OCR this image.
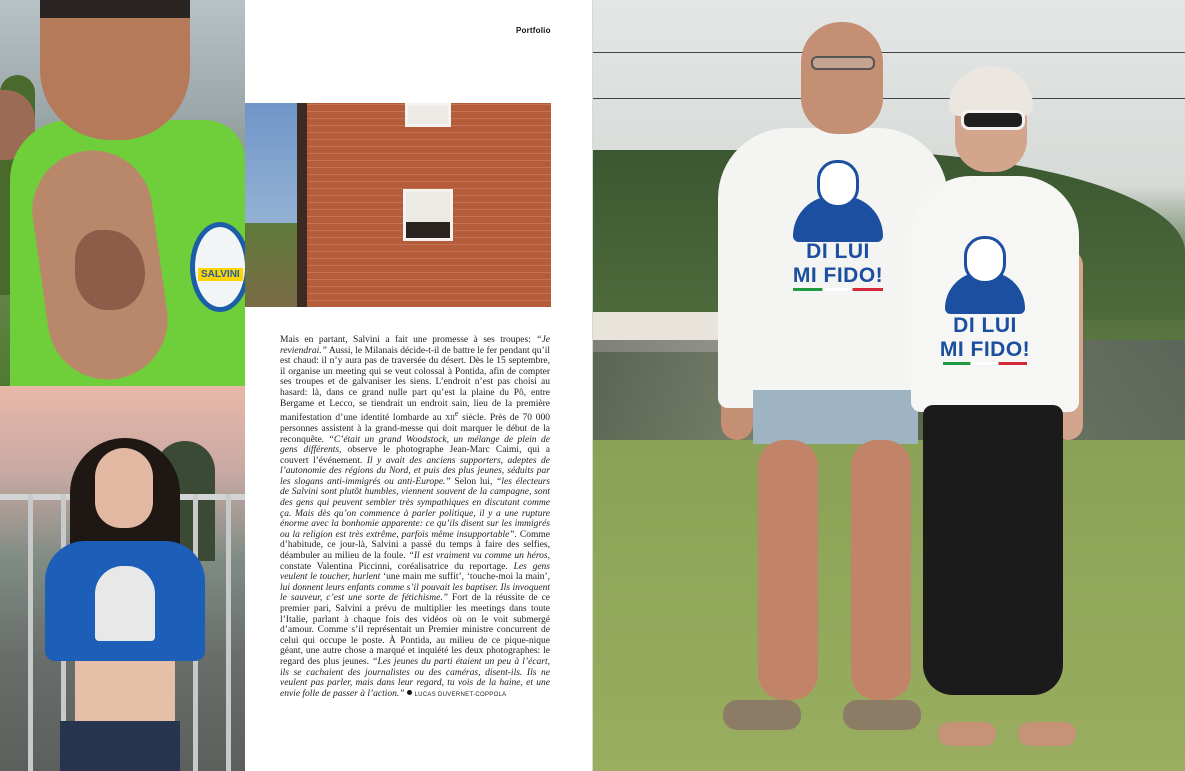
SALVINI
Portfolio

Mais en partant, Salvini a fait une promesse à ses troupes: “Je reviendrai.” Aussi, le Milanais décide-t-il de battre le fer pendant qu’il est chaud: il n’y aura pas de traversée du désert. Dès le 15 septembre, il organise un meeting qui se veut colossal à Pontida, afin de compter ses troupes et de galvaniser les siens. L’endroit n’est pas choisi au hasard: là, dans ce grand nulle part qu’est la plaine du Pô, entre Bergame et Lecco, se tiendrait un endroit sain, lieu de la première manifestation d’une identité lombarde au xii$^e$ siècle. Près de 70 000 personnes assistent à la grand-messe qui doit marquer le début de la reconquête. “C’était un grand Woodstock, un mélange de plein de gens différents, observe le photographe Jean-Marc Caimi, qui a couvert l’événement. Il y avait des anciens supporters, adeptes de l’autonomie des régions du Nord, et puis des plus jeunes, séduits par les slogans anti-immigrés ou anti-Europe.” Selon lui, “les électeurs de Salvini sont plutôt humbles, viennent souvent de la campagne, sont des gens qui peuvent sembler très sympathiques en discutant comme ça. Mais dès qu’on commence à parler politique, il y a une rupture énorme avec la bonhomie apparente: ce qu’ils disent sur les immigrés ou la religion est très extrême, parfois même insupportable”. Comme d’habitude, ce jour-là, Salvini a passé du temps à faire des selfies, déambuler au milieu de la foule. “Il est vraiment vu comme un héros, constate Valentina Piccinni, coréalisatrice du reportage. Les gens veulent le toucher, hurlent ‘une main me suffit’, ‘touche-moi la main’, lui donnent leurs enfants comme s’il pouvait les baptiser. Ils invoquent le sauveur, c’est une sorte de fétichisme.” Fort de la réussite de ce premier pari, Salvini a prévu de multiplier les meetings dans toute l’Italie, parlant à chaque fois des vidéos où on le voit submergé d’amour. Comme s’il représentait un Premier ministre concurrent de celui qui occupe le poste. À Pontida, au milieu de ce pique-nique géant, une autre chose a marqué et inquiété les deux photographes: le regard des plus jeunes. “Les jeunes du parti étaient un peu à l’écart, ils se cachaient des journalistes ou des caméras, disent-ils. Ils ne veulent pas parler, mais dans leur regard, tu vois de la haine, et une envie folle de passer à l’action.” LUCAS DUVERNET-COPPOLA

DI LUI
MI FIDO!
DI LUI
MI FIDO!
